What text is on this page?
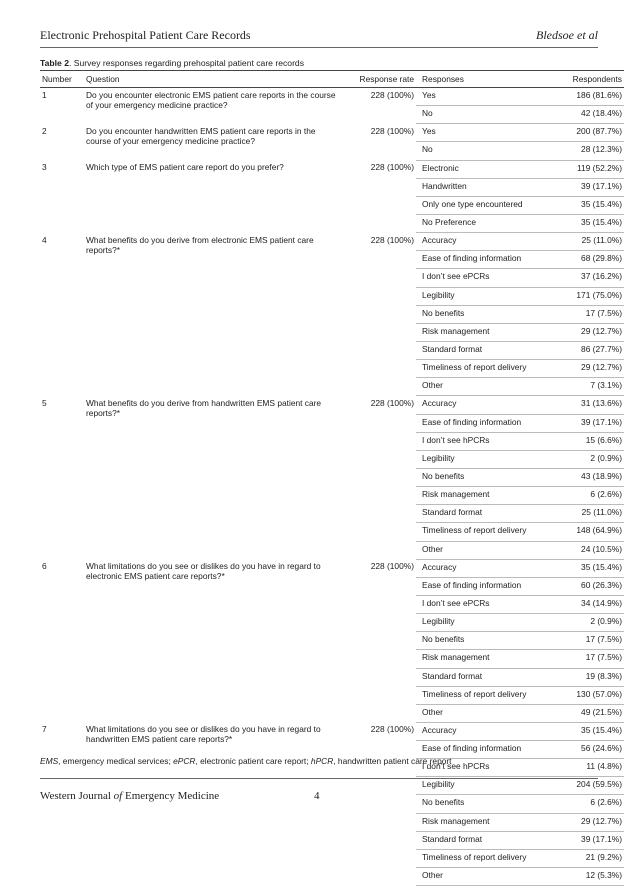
Electronic Prehospital Patient Care Records	Bledsoe et al
Table 2. Survey responses regarding prehospital patient care records
Number	Question	Response rate	Responses	Respondents
1	Do you encounter electronic EMS patient care reports in the course of your emergency medicine practice?	228 (100%)	Yes	186 (81.6%)
			No	42 (18.4%)
2	Do you encounter handwritten EMS patient care reports in the course of your emergency medicine practice?	228 (100%)	Yes	200 (87.7%)
			No	28 (12.3%)
3	Which type of EMS patient care report do you prefer?	228 (100%)	Electronic	119 (52.2%)
			Handwritten	39 (17.1%)
			Only one type encountered	35 (15.4%)
			No Preference	35 (15.4%)
4	What benefits do you derive from electronic EMS patient care reports?*	228 (100%)	Accuracy	25 (11.0%)
			Ease of finding information	68 (29.8%)
			I don’t see ePCRs	37 (16.2%)
			Legibility	171 (75.0%)
			No benefits	17 (7.5%)
			Risk management	29 (12.7%)
			Standard format	86 (27.7%)
			Timeliness of report delivery	29 (12.7%)
			Other	7 (3.1%)
5	What benefits do you derive from handwritten EMS patient care reports?*	228 (100%)	Accuracy	31 (13.6%)
			Ease of finding information	39 (17.1%)
			I don’t see hPCRs	15 (6.6%)
			Legibility	2 (0.9%)
			No benefits	43 (18.9%)
			Risk management	6 (2.6%)
			Standard format	25 (11.0%)
			Timeliness of report delivery	148 (64.9%)
			Other	24 (10.5%)
6	What limitations do you see or dislikes do you have in regard to electronic EMS patient care reports?*	228 (100%)	Accuracy	35 (15.4%)
			Ease of finding information	60 (26.3%)
			I don’t see ePCRs	34 (14.9%)
			Legibility	2 (0.9%)
			No benefits	17 (7.5%)
			Risk management	17 (7.5%)
			Standard format	19 (8.3%)
			Timeliness of report delivery	130 (57.0%)
			Other	49 (21.5%)
7	What limitations do you see or dislikes do you have in regard to handwritten EMS patient care reports?*	228 (100%)	Accuracy	35 (15.4%)
			Ease of finding information	56 (24.6%)
			I don’t see hPCRs	11 (4.8%)
			Legibility	204 (59.5%)
			No benefits	6 (2.6%)
			Risk management	29 (12.7%)
			Standard format	39 (17.1%)
			Timeliness of report delivery	21 (9.2%)
			Other	12 (5.3%)
EMS, emergency medical services; ePCR, electronic patient care report; hPCR, handwritten patient care report
Western Journal of Emergency Medicine	4
